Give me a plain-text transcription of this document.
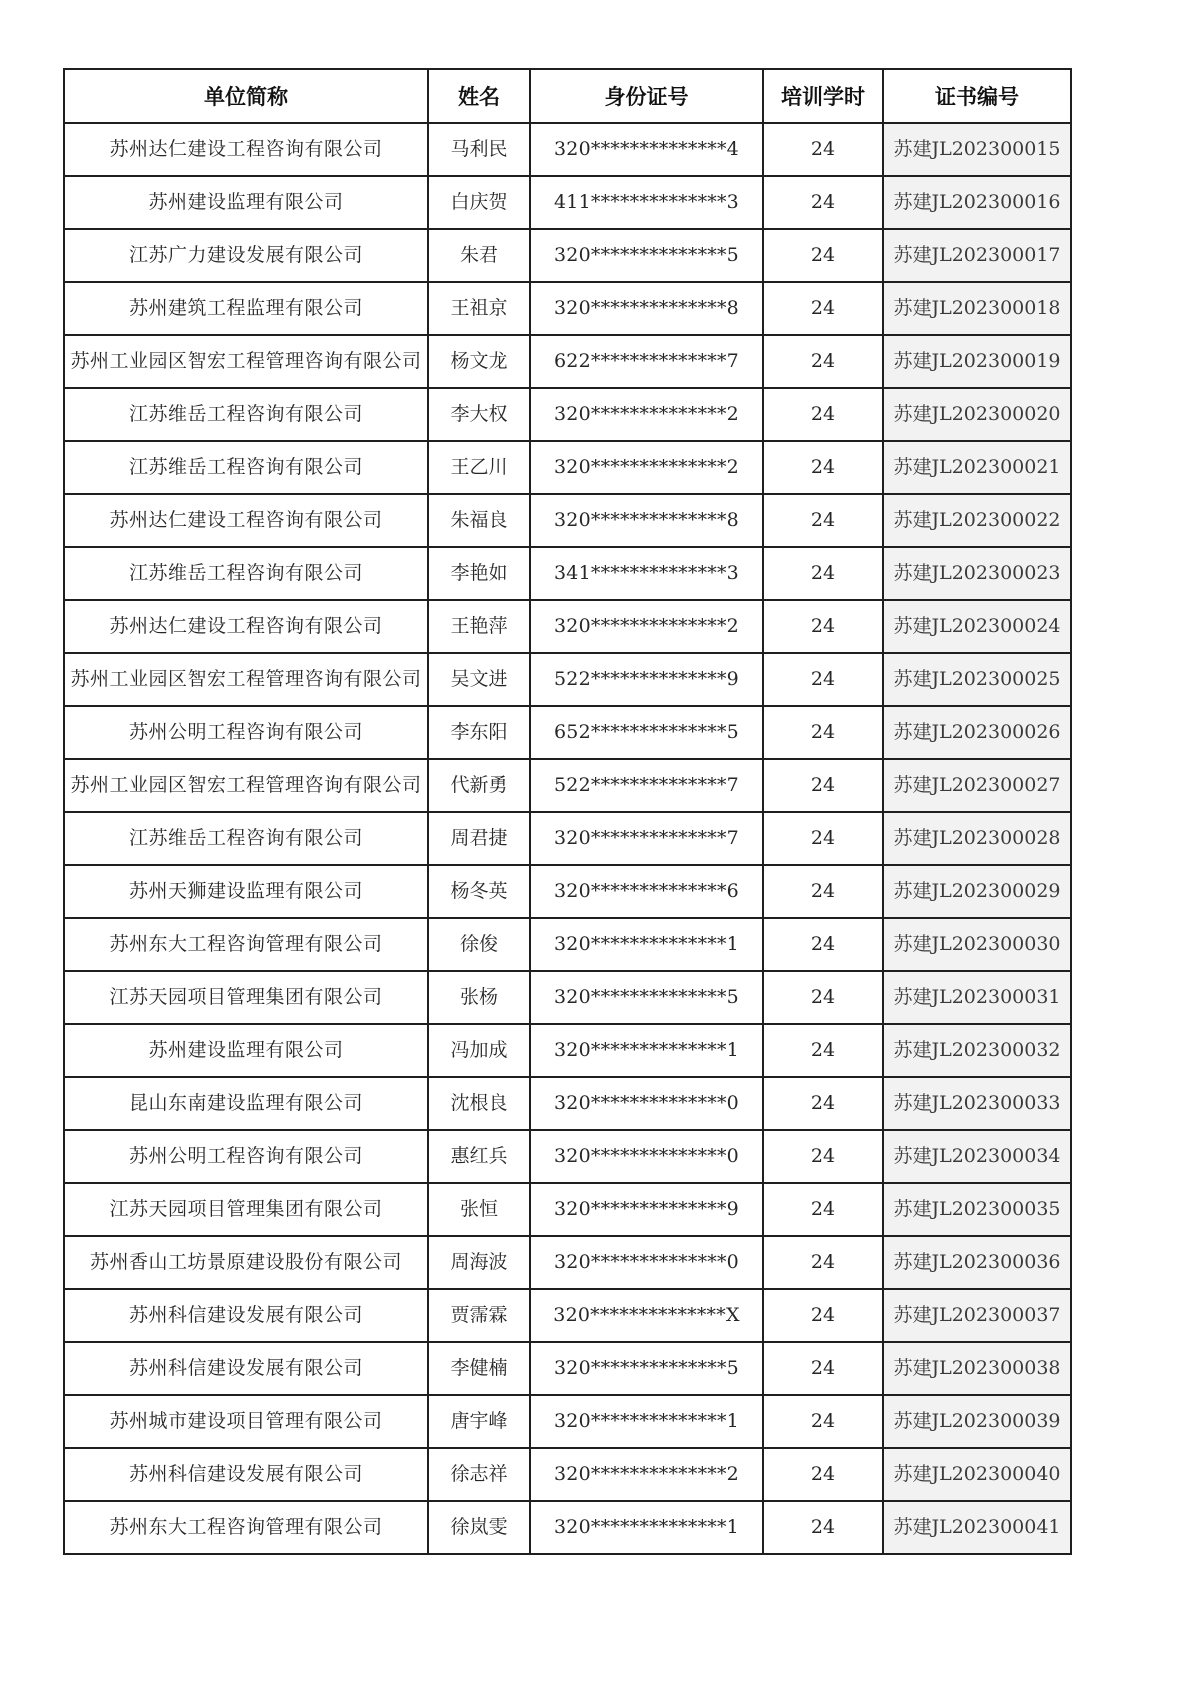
单位简称	姓名	身份证号	培训学时	证书编号
苏州达仁建设工程咨询有限公司	马利民	320**************4	24	苏建JL202300015
苏州建设监理有限公司	白庆贺	411**************3	24	苏建JL202300016
江苏广力建设发展有限公司	朱君	320**************5	24	苏建JL202300017
苏州建筑工程监理有限公司	王祖京	320**************8	24	苏建JL202300018
苏州工业园区智宏工程管理咨询有限公司	杨文龙	622**************7	24	苏建JL202300019
江苏维岳工程咨询有限公司	李大权	320**************2	24	苏建JL202300020
江苏维岳工程咨询有限公司	王乙川	320**************2	24	苏建JL202300021
苏州达仁建设工程咨询有限公司	朱福良	320**************8	24	苏建JL202300022
江苏维岳工程咨询有限公司	李艳如	341**************3	24	苏建JL202300023
苏州达仁建设工程咨询有限公司	王艳萍	320**************2	24	苏建JL202300024
苏州工业园区智宏工程管理咨询有限公司	吴文进	522**************9	24	苏建JL202300025
苏州公明工程咨询有限公司	李东阳	652**************5	24	苏建JL202300026
苏州工业园区智宏工程管理咨询有限公司	代新勇	522**************7	24	苏建JL202300027
江苏维岳工程咨询有限公司	周君捷	320**************7	24	苏建JL202300028
苏州天狮建设监理有限公司	杨冬英	320**************6	24	苏建JL202300029
苏州东大工程咨询管理有限公司	徐俊	320**************1	24	苏建JL202300030
江苏天园项目管理集团有限公司	张杨	320**************5	24	苏建JL202300031
苏州建设监理有限公司	冯加成	320**************1	24	苏建JL202300032
昆山东南建设监理有限公司	沈根良	320**************0	24	苏建JL202300033
苏州公明工程咨询有限公司	惠红兵	320**************0	24	苏建JL202300034
江苏天园项目管理集团有限公司	张恒	320**************9	24	苏建JL202300035
苏州香山工坊景原建设股份有限公司	周海波	320**************0	24	苏建JL202300036
苏州科信建设发展有限公司	贾霈霖	320**************X	24	苏建JL202300037
苏州科信建设发展有限公司	李健楠	320**************5	24	苏建JL202300038
苏州城市建设项目管理有限公司	唐宇峰	320**************1	24	苏建JL202300039
苏州科信建设发展有限公司	徐志祥	320**************2	24	苏建JL202300040
苏州东大工程咨询管理有限公司	徐岚雯	320**************1	24	苏建JL202300041
